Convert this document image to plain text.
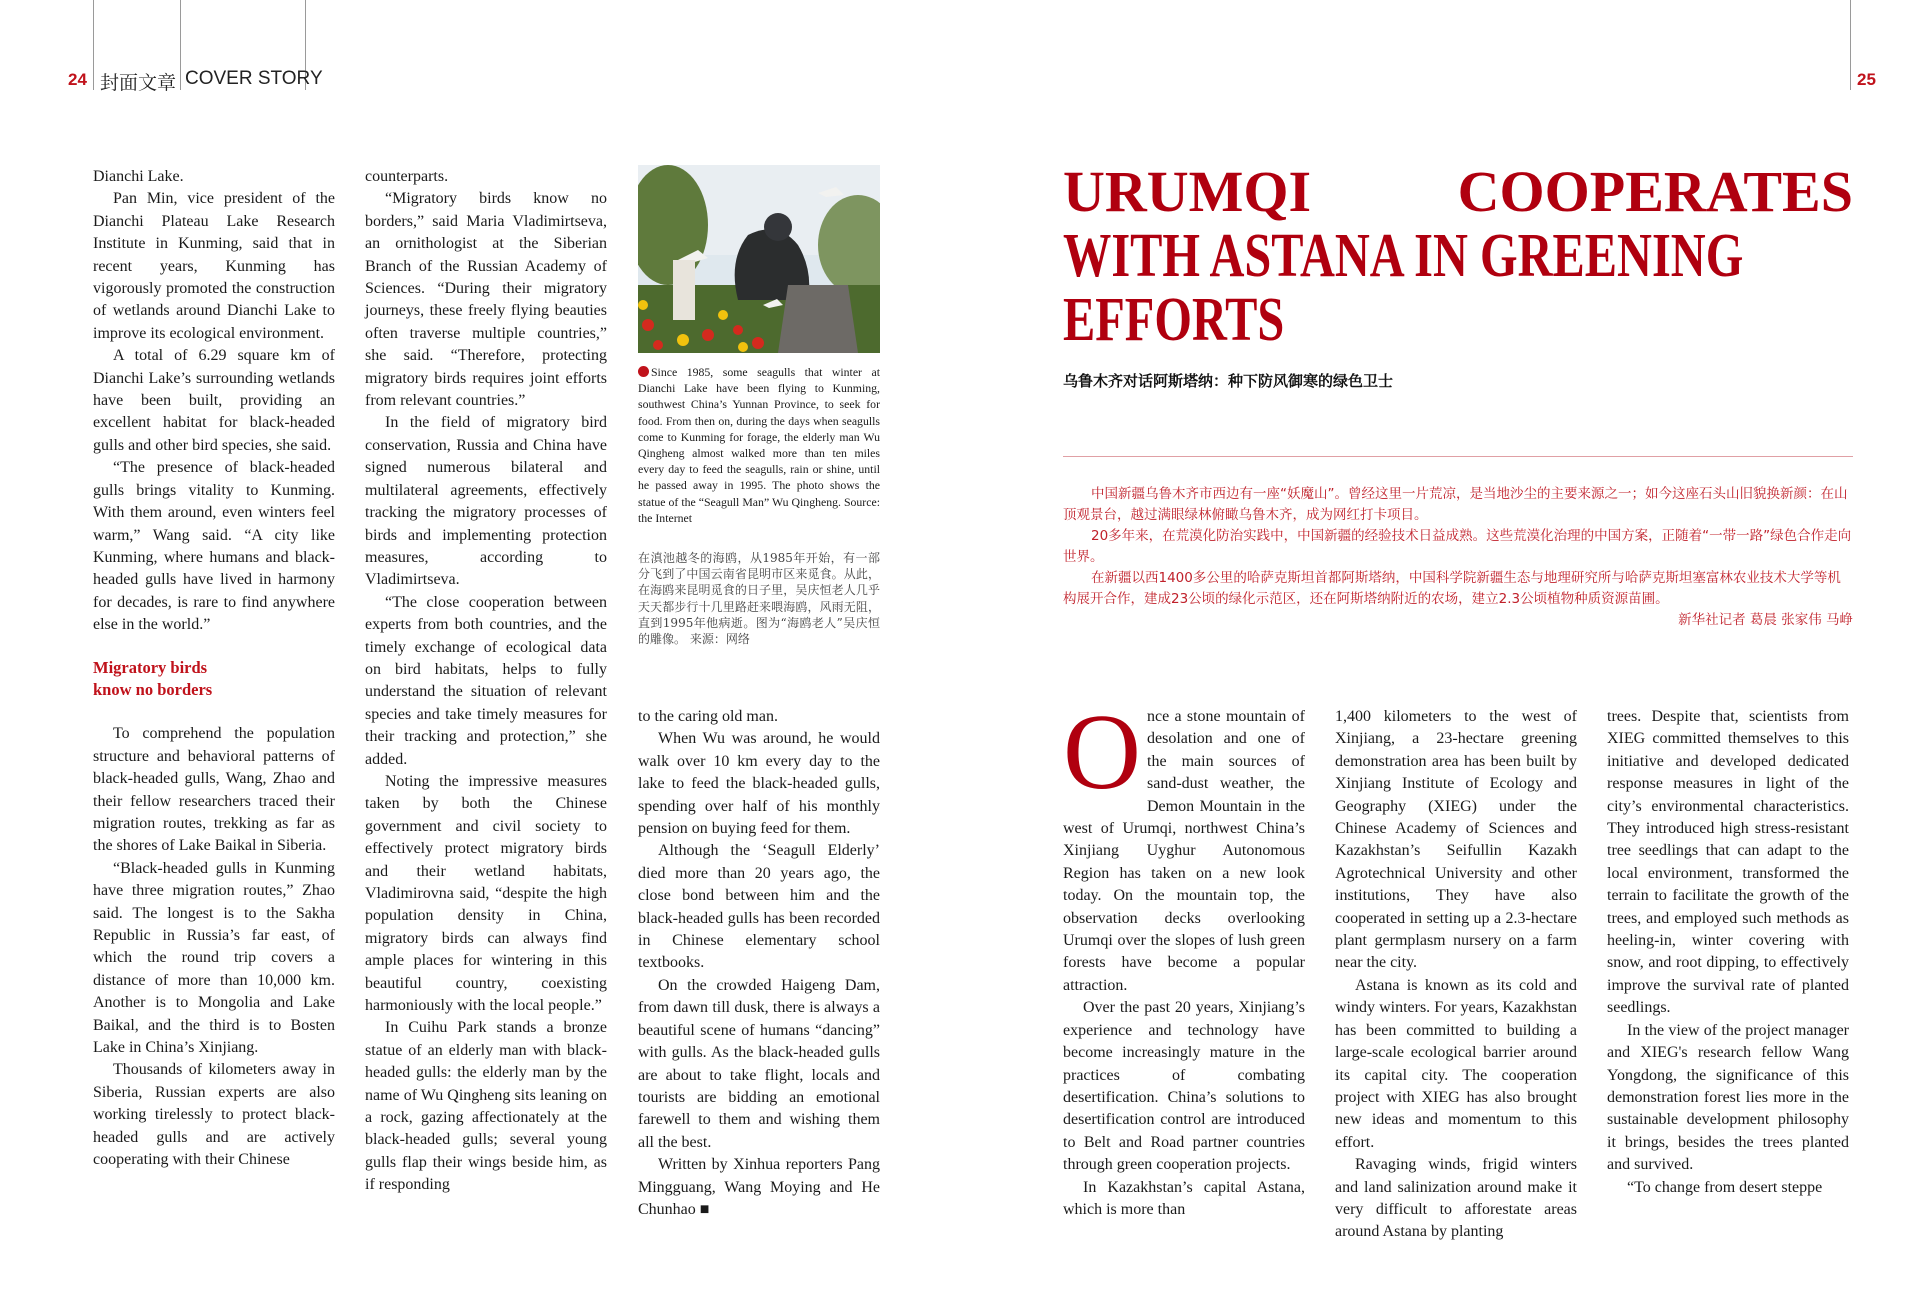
24 封面文章 COVER STORY	25

Dianchi Lake.

Pan Min, vice president of the Dianchi Plateau Lake Research Institute in Kunming, said that in recent years, Kunming has vigorously promoted the construction of wetlands around Dianchi Lake to improve its ecological environment.

A total of 6.29 square km of Dianchi Lake’s surrounding wetlands have been built, providing an excellent habitat for black-headed gulls and other bird species, she said.

“The presence of black-headed gulls brings vitality to Kunming. With them around, even winters feel warm,” Wang said. “A city like Kunming, where humans and black-headed gulls have lived in harmony for decades, is rare to find anywhere else in the world.”

Migratory birds
know no borders

To comprehend the population structure and behavioral patterns of black-headed gulls, Wang, Zhao and their fellow researchers traced their migration routes, trekking as far as the shores of Lake Baikal in Siberia.

“Black-headed gulls in Kunming have three migration routes,” Zhao said. The longest is to the Sakha Republic in Russia’s far east, of which the round trip covers a distance of more than 10,000 km. Another is to Mongolia and Lake Baikal, and the third is to Bosten Lake in China’s Xinjiang.

Thousands of kilometers away in Siberia, Russian experts are also working tirelessly to protect black-headed gulls and are actively cooperating with their Chinese

counterparts.

“Migratory birds know no borders,” said Maria Vladimirtseva, an ornithologist at the Siberian Branch of the Russian Academy of Sciences. “During their migratory journeys, these freely flying beauties often traverse multiple countries,” she said. “Therefore, protecting migratory birds requires joint efforts from relevant countries.”

In the field of migratory bird conservation, Russia and China have signed numerous bilateral and multilateral agreements, effectively tracking the migratory processes of birds and implementing protection measures, according to Vladimirtseva.

“The close cooperation between experts from both countries, and the timely exchange of ecological data on bird habitats, helps to fully understand the situation of relevant species and take timely measures for their tracking and protection,” she added.

Noting the impressive measures taken by both the Chinese government and civil society to effectively protect migratory birds and their wetland habitats, Vladimirovna said, “despite the high population density in China, migratory birds can always find ample places for wintering in this beautiful country, coexisting harmoniously with the local people.”

In Cuihu Park stands a bronze statue of an elderly man with black-headed gulls: the elderly man by the name of Wu Qingheng sits leaning on a rock, gazing affectionately at the black-headed gulls; several young gulls flap their wings beside him, as if responding

Since 1985, some seagulls that winter at Dianchi Lake have been flying to Kunming, southwest China’s Yunnan Province, to seek for food. From then on, during the days when seagulls come to Kunming for forage, the elderly man Wu Qingheng almost walked more than ten miles every day to feed the seagulls, rain or shine, until he passed away in 1995. The photo shows the statue of the “Seagull Man” Wu Qingheng. Source: the Internet
在滇池越冬的海鸥，从1985年开始，有一部分飞到了中国云南省昆明市区来觅食。从此，在海鸥来昆明觅食的日子里，吴庆恒老人几乎天天都步行十几里路赶来喂海鸥，风雨无阻，直到1995年他病逝。图为“海鸥老人”吴庆恒的雕像。 来源：网络

to the caring old man.

When Wu was around, he would walk over 10 km every day to the lake to feed the black-headed gulls, spending over half of his monthly pension on buying feed for them.

Although the ‘Seagull Elderly’ died more than 20 years ago, the close bond between him and the black-headed gulls has been recorded in Chinese elementary school textbooks.

On the crowded Haigeng Dam, from dawn till dusk, there is always a beautiful scene of humans “dancing” with gulls. As the black-headed gulls are about to take flight, locals and tourists are bidding an emotional farewell to them and wishing them all the best.

Written by Xinhua reporters Pang Mingguang, Wang Moying and He Chunhao ■

URUMQI COOPERATES
WITH ASTANA IN GREENING
EFFORTS
乌鲁木齐对话阿斯塔纳：种下防风御寒的绿色卫士

中国新疆乌鲁木齐市西边有一座“妖魔山”。曾经这里一片荒凉，是当地沙尘的主要来源之一；如今这座石头山旧貌换新颜：在山顶观景台，越过满眼绿林俯瞰乌鲁木齐，成为网红打卡项目。

20多年来，在荒漠化防治实践中，中国新疆的经验技术日益成熟。这些荒漠化治理的中国方案，正随着“一带一路”绿色合作走向世界。

在新疆以西1400多公里的哈萨克斯坦首都阿斯塔纳，中国科学院新疆生态与地理研究所与哈萨克斯坦塞富林农业技术大学等机构展开合作，建成23公顷的绿化示范区，还在阿斯塔纳附近的农场，建立2.3公顷植物种质资源苗圃。

新华社记者 葛晨 张家伟 马峥

Once a stone mountain of desolation and one of the main sources of sand-dust weather, the Demon Mountain in the west of Urumqi, northwest China’s Xinjiang Uyghur Autonomous Region has taken on a new look today. On the mountain top, the observation decks overlooking Urumqi over the slopes of lush green forests have become a popular attraction.

Over the past 20 years, Xinjiang’s experience and technology have become increasingly mature in the practices of combating desertification. China’s solutions to desertification control are introduced to Belt and Road partner countries through green cooperation projects.

In Kazakhstan’s capital Astana, which is more than

1,400 kilometers to the west of Xinjiang, a 23-hectare greening demonstration area has been built by Xinjiang Institute of Ecology and Geography (XIEG) under the Chinese Academy of Sciences and Kazakhstan’s Seifullin Kazakh Agrotechnical University and other institutions, They have also cooperated in setting up a 2.3-hectare plant germplasm nursery on a farm near the city.

Astana is known as its cold and windy winters. For years, Kazakhstan has been committed to building a large-scale ecological barrier around its capital city. The cooperation project with XIEG has also brought new ideas and momentum to this effort.

Ravaging winds, frigid winters and land salinization around make it very difficult to afforestate areas around Astana by planting

trees. Despite that, scientists from XIEG committed themselves to this initiative and developed dedicated response measures in light of the city’s environmental characteristics. They introduced high stress-resistant tree seedlings that can adapt to the local environment, transformed the terrain to facilitate the growth of the trees, and employed such methods as heeling-in, winter covering with snow, and root dipping, to effectively improve the survival rate of planted seedlings.

In the view of the project manager and XIEG's research fellow Wang Yongdong, the significance of this demonstration forest lies more in the sustainable development philosophy it brings, besides the trees planted and survived.

“To change from desert steppe
